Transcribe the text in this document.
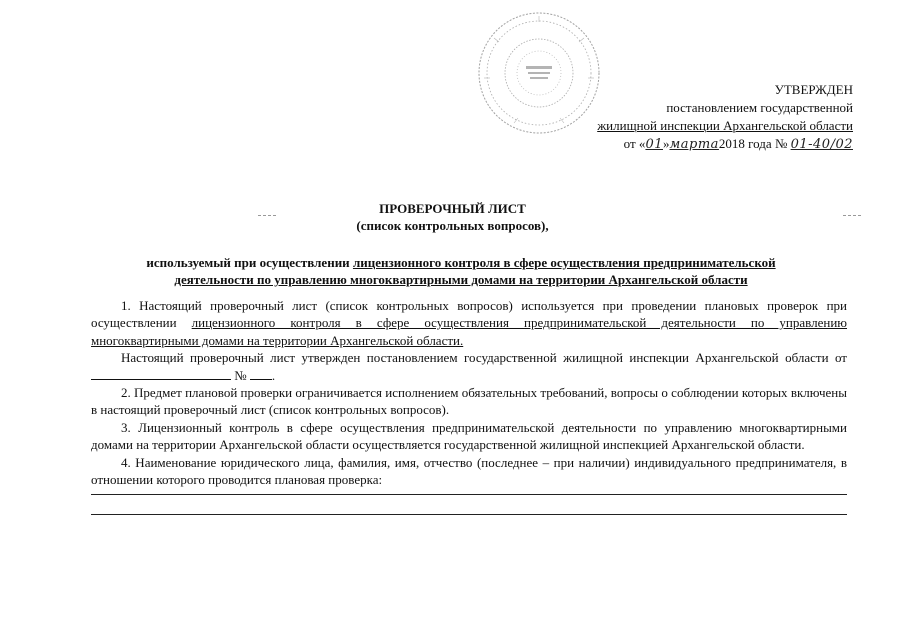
УТВЕРЖДЕН
постановлением государственной
жилищной инспекции Архангельской области
от «01»марта2018 года № 01-40/02
ПРОВЕРОЧНЫЙ ЛИСТ
(список контрольных вопросов),
используемый при осуществлении лицензионного контроля в сфере осуществления предпринимательской
деятельности по управлению многоквартирными домами на территории Архангельской области

1. Настоящий проверочный лист (список контрольных вопросов) используется при проведении плановых проверок при осуществлении лицензионного контроля в сфере осуществления предпринимательской деятельности по управлению многоквартирными домами на территории Архангельской области.

Настоящий проверочный лист утвержден постановлением государственной жилищной инспекции Архангельской области от  № .

2. Предмет плановой проверки ограничивается исполнением обязательных требований, вопросы о соблюдении которых включены в настоящий проверочный лист (список контрольных вопросов).

3. Лицензионный контроль в сфере осуществления предпринимательской деятельности по управлению многоквартирными домами на территории Архангельской области осуществляется государственной жилищной инспекцией Архангельской области.

4. Наименование юридического лица, фамилия, имя, отчество (последнее – при наличии) индивидуального предпринимателя, в отношении которого проводится плановая проверка:
